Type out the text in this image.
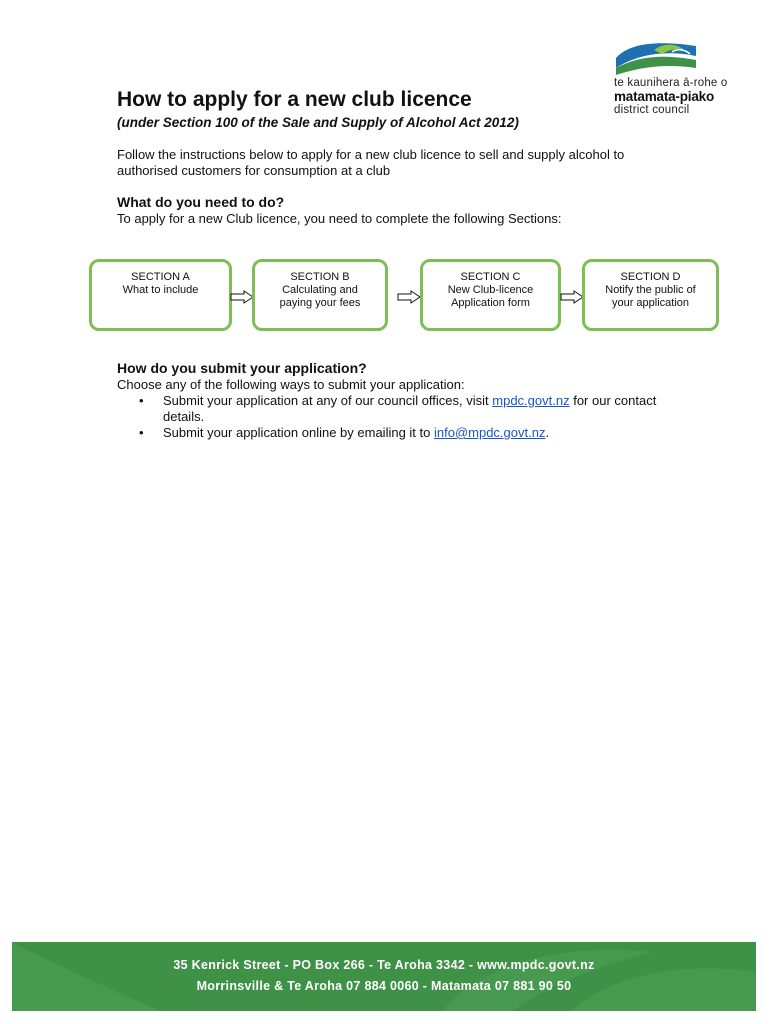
te kaunihera ā-rohe o
matamata-piako
district council
How to apply for a new club licence

(under Section 100 of the Sale and Supply of Alcohol Act 2012)

Follow the instructions below to apply for a new club licence to sell and supply alcohol to authorised customers for consumption at a club

What do you need to do?

To apply for a new Club licence, you need to complete the following Sections:

SECTION A
What to include
SECTION B
Calculating and
paying your fees
SECTION C
New Club-licence
Application form
SECTION D
Notify the public of
your application
How do you submit your application?

Choose any of the following ways to submit your application:

• Submit your application at any of our council offices, visit mpdc.govt.nz for our contact details.
• Submit your application online by emailing it to info@mpdc.govt.nz.
35 Kenrick Street - PO Box 266 - Te Aroha 3342 - www.mpdc.govt.nz
Morrinsville & Te Aroha 07 884 0060 - Matamata 07 881 90 50
